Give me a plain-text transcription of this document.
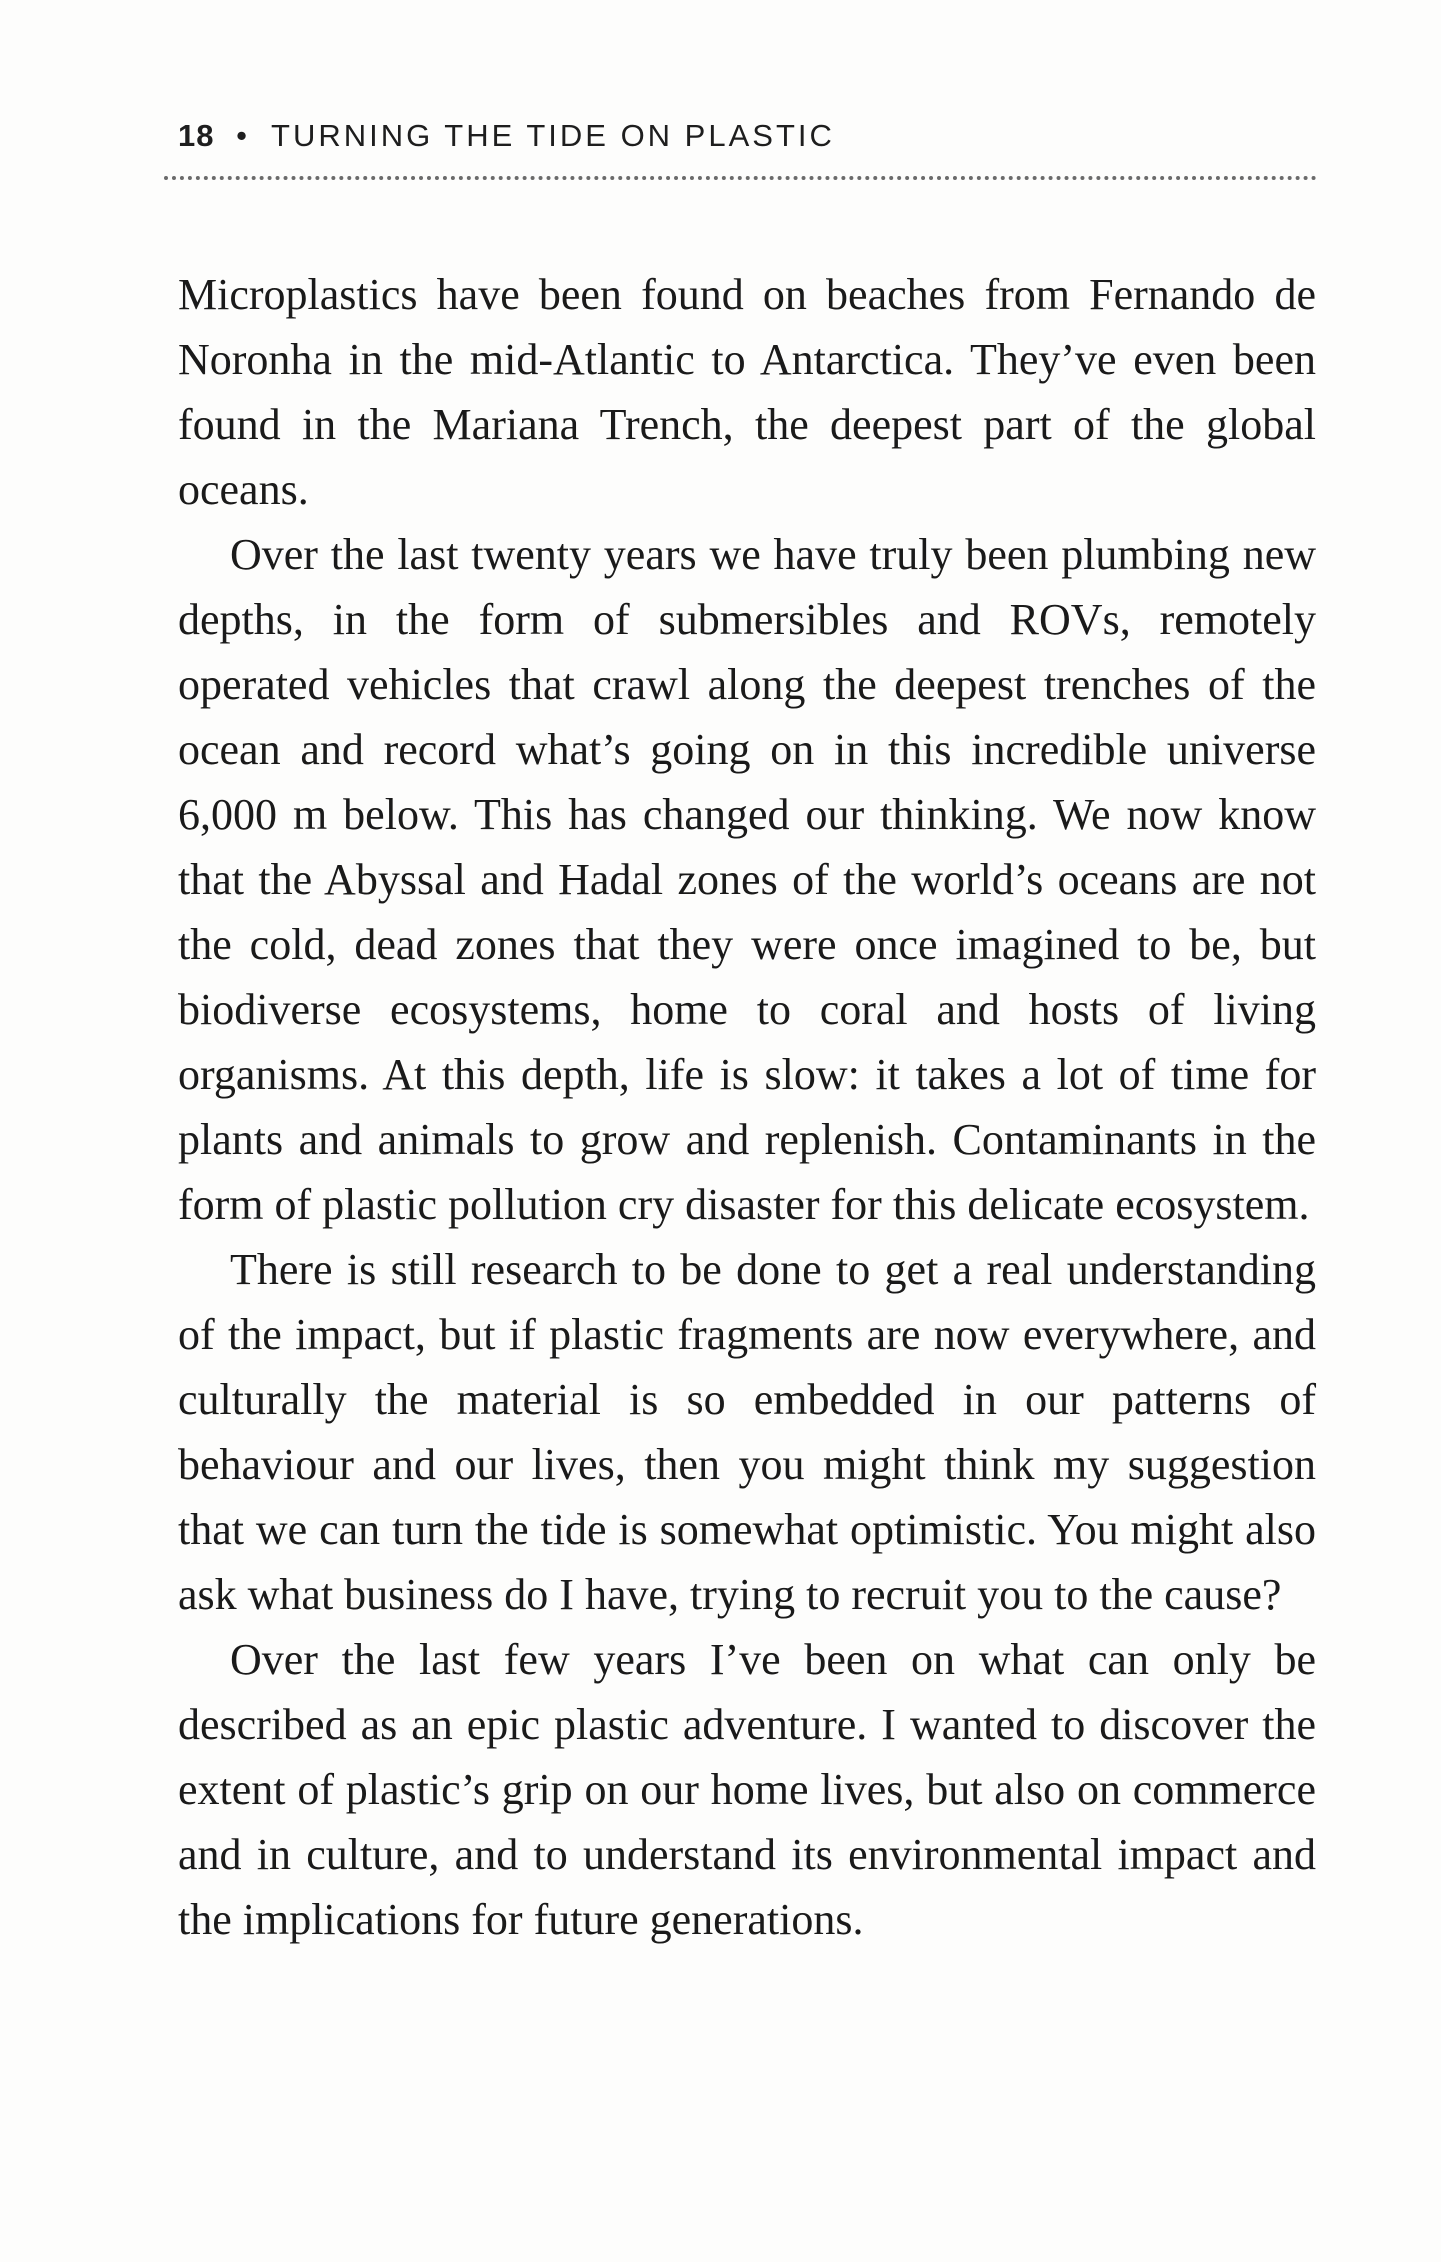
18 • TURNING THE TIDE ON PLASTIC

Microplastics have been found on beaches from Fernando de Noronha in the mid-Atlantic to Antarctica. They’ve even been found in the Mariana Trench, the deepest part of the global oceans.

Over the last twenty years we have truly been plumbing new depths, in the form of submersibles and ROVs, remotely operated vehicles that crawl along the deepest trenches of the ocean and record what’s going on in this incredible universe 6,000 m below. This has changed our thinking. We now know that the Abyssal and Hadal zones of the world’s oceans are not the cold, dead zones that they were once imagined to be, but biodiverse ecosystems, home to coral and hosts of living organisms. At this depth, life is slow: it takes a lot of time for plants and animals to grow and replenish. Contaminants in the form of plastic pollution cry disaster for this delicate ecosystem.

There is still research to be done to get a real understanding of the impact, but if plastic fragments are now everywhere, and culturally the material is so embedded in our patterns of behaviour and our lives, then you might think my suggestion that we can turn the tide is somewhat optimistic. You might also ask what business do I have, trying to recruit you to the cause?

Over the last few years I’ve been on what can only be described as an epic plastic adventure. I wanted to discover the extent of plastic’s grip on our home lives, but also on commerce and in culture, and to understand its environmental impact and the implications for future generations.
